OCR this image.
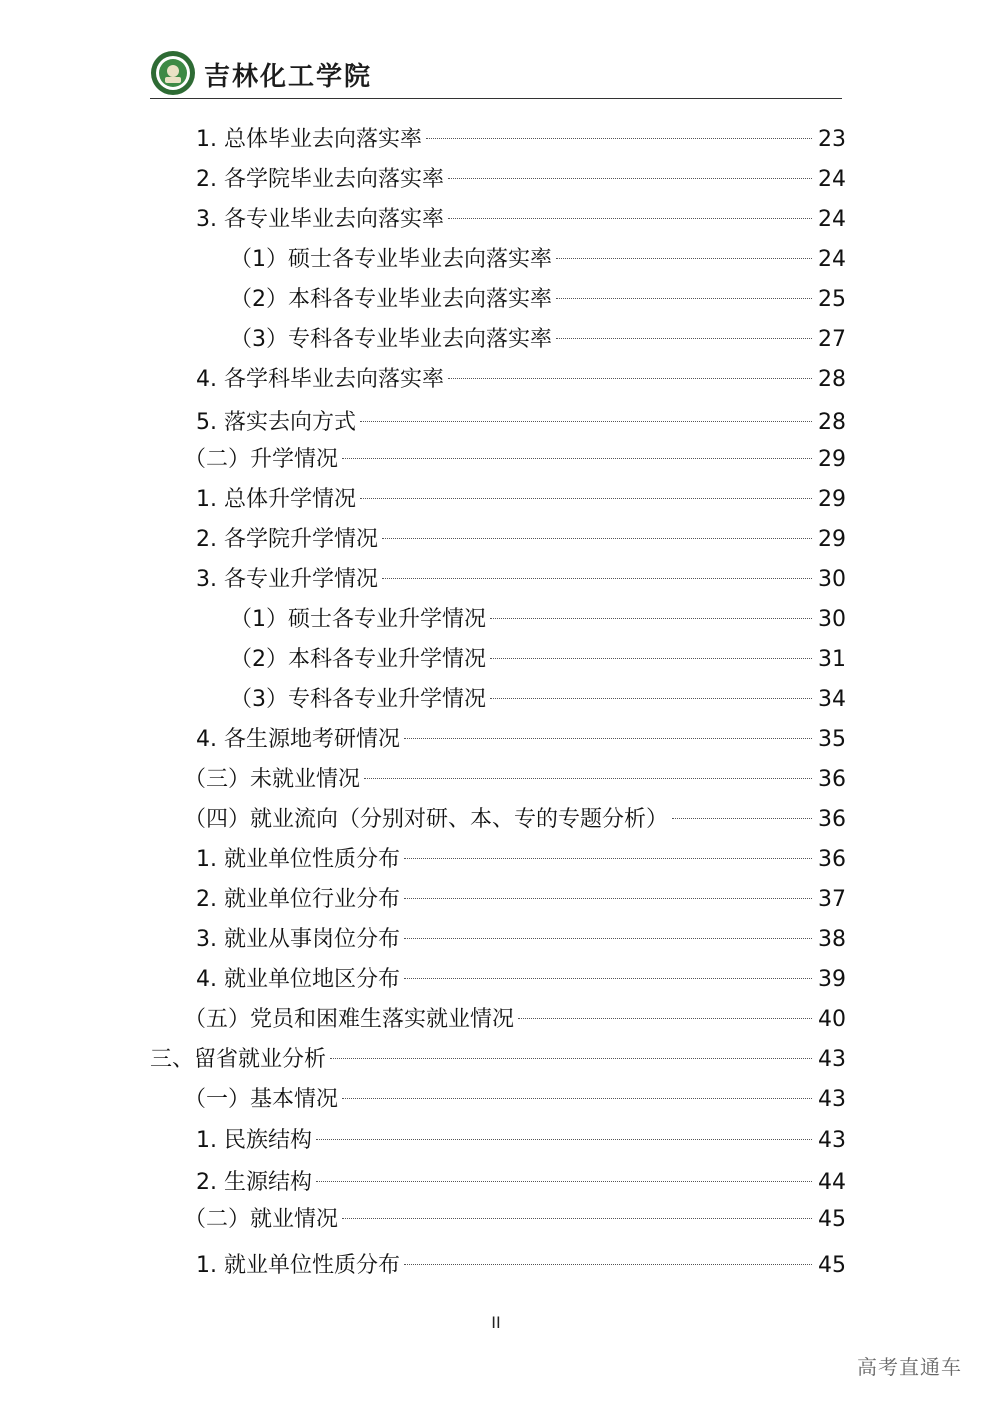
吉林化工学院
1. 总体毕业去向落实率	23
2. 各学院毕业去向落实率	24
3. 各专业毕业去向落实率	24
（1）硕士各专业毕业去向落实率	24
（2）本科各专业毕业去向落实率	25
（3）专科各专业毕业去向落实率	27
4. 各学科毕业去向落实率	28
5. 落实去向方式	28
（二）升学情况	29
1. 总体升学情况	29
2. 各学院升学情况	29
3. 各专业升学情况	30
（1）硕士各专业升学情况	30
（2）本科各专业升学情况	31
（3）专科各专业升学情况	34
4. 各生源地考研情况	35
（三）未就业情况	36
（四）就业流向（分别对研、本、专的专题分析）	36
1. 就业单位性质分布	36
2. 就业单位行业分布	37
3. 就业从事岗位分布	38
4. 就业单位地区分布	39
（五）党员和困难生落实就业情况	40
三、留省就业分析	43
（一）基本情况	43
1. 民族结构	43
2. 生源结构	44
（二）就业情况	45
1. 就业单位性质分布	45
II
高考直通车
